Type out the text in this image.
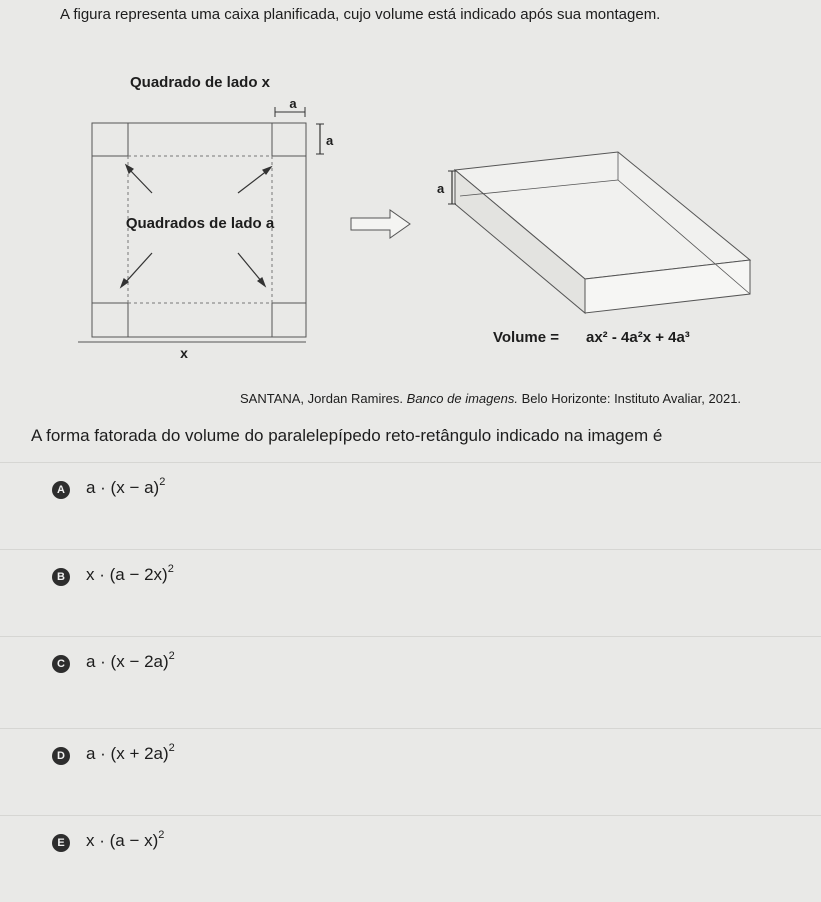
A figura representa uma caixa planificada, cujo volume está indicado após sua montagem.

Quadrado de lado x
a
a
Quadrados de lado a
x
a
Volume = ax² - 4a²x + 4a³
SANTANA, Jordan Ramires. Banco de imagens. Belo Horizonte: Instituto Avaliar, 2021.

A forma fatorada do volume do paralelepípedo reto-retângulo indicado na imagem é

A $a \cdot (x - a)^2$
B $x \cdot (a - 2x)^2$
C $a \cdot (x - 2a)^2$
D $a \cdot (x + 2a)^2$
E	$x \cdot (a - x)^2$
